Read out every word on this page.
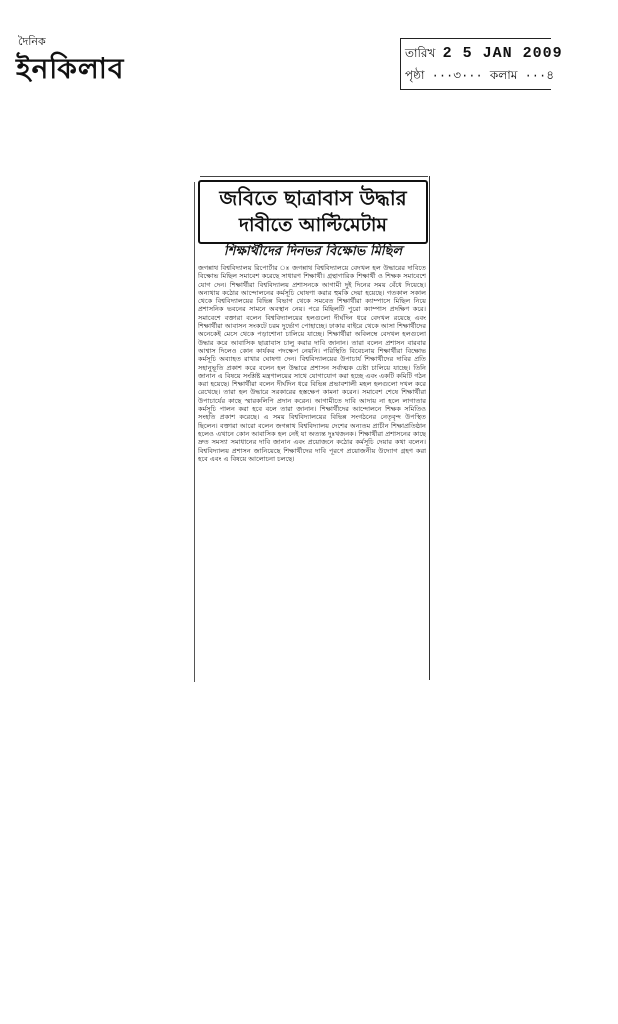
দৈনিক
ইনকিলাব	তারিখ 2 5 JAN 2009
পৃষ্ঠা ···৩··· কলাম ···৪
জবিতে ছাত্রাবাস উদ্ধার
দাবীতে আল্টিমেটাম
শিক্ষার্থীদের দিনভর বিক্ষোভ মিছিল

জগন্নাথ বিশ্ববিদ্যালয় রিপোর্টার ঃ জগন্নাথ বিশ্ববিদ্যালয়ে বেদখল হল উদ্ধারের দাবিতে বিক্ষোভ মিছিল সমাবেশ করেছে সাধারণ শিক্ষার্থী। গ্রন্থাগারিক শিক্ষার্থী ও শিক্ষক সমাবেশে যোগ দেন। শিক্ষার্থীরা বিশ্ববিদ্যালয় প্রশাসনকে আগামী দুই দিনের সময় বেঁধে দিয়েছে। অন্যথায় কঠোর আন্দোলনের কর্মসূচি ঘোষণা করার হুমকি দেয়া হয়েছে। গতকাল সকাল থেকে বিশ্ববিদ্যালয়ের বিভিন্ন বিভাগ থেকে সমবেত শিক্ষার্থীরা ক্যাম্পাসে মিছিল নিয়ে প্রশাসনিক ভবনের সামনে অবস্থান নেয়। পরে মিছিলটি পুরো ক্যাম্পাস প্রদক্ষিণ করে। সমাবেশে বক্তারা বলেন বিশ্ববিদ্যালয়ের হলগুলো দীর্ঘদিন ধরে বেদখল রয়েছে এবং শিক্ষার্থীরা আবাসন সংকটে চরম দুর্ভোগ পোহাচ্ছে। ঢাকার বাইরে থেকে আসা শিক্ষার্থীদের অনেকেই মেসে থেকে পড়াশোনা চালিয়ে যাচ্ছে। শিক্ষার্থীরা অবিলম্বে বেদখল হলগুলো উদ্ধার করে আবাসিক ছাত্রাবাস চালু করার দাবি জানান। তারা বলেন প্রশাসন বারবার আশ্বাস দিলেও কোন কার্যকর পদক্ষেপ নেয়নি। পরিস্থিতি বিবেচনায় শিক্ষার্থীরা বিক্ষোভ কর্মসূচি অব্যাহত রাখার ঘোষণা দেন। বিশ্ববিদ্যালয়ের উপাচার্য শিক্ষার্থীদের দাবির প্রতি সহানুভূতি প্রকাশ করে বলেন হল উদ্ধারে প্রশাসন সর্বাত্মক চেষ্টা চালিয়ে যাচ্ছে। তিনি জানান এ বিষয়ে সংশ্লিষ্ট মন্ত্রণালয়ের সাথে যোগাযোগ করা হচ্ছে এবং একটি কমিটি গঠন করা হয়েছে। শিক্ষার্থীরা বলেন দীর্ঘদিন ধরে বিভিন্ন প্রভাবশালী মহল হলগুলো দখল করে রেখেছে। তারা হল উদ্ধারে সরকারের হস্তক্ষেপ কামনা করেন। সমাবেশ শেষে শিক্ষার্থীরা উপাচার্যের কাছে স্মারকলিপি প্রদান করেন। আগামীতে দাবি আদায় না হলে লাগাতার কর্মসূচি পালন করা হবে বলে তারা জানান। শিক্ষার্থীদের আন্দোলনে শিক্ষক সমিতিও সংহতি প্রকাশ করেছে। এ সময় বিশ্ববিদ্যালয়ের বিভিন্ন সংগঠনের নেতৃবৃন্দ উপস্থিত ছিলেন। বক্তারা আরো বলেন জগন্নাথ বিশ্ববিদ্যালয় দেশের অন্যতম প্রাচীন শিক্ষাপ্রতিষ্ঠান হলেও এখানে কোন আবাসিক হল নেই যা অত্যন্ত দুঃখজনক। শিক্ষার্থীরা প্রশাসনের কাছে দ্রুত সমস্যা সমাধানের দাবি জানান এবং প্রয়োজনে কঠোর কর্মসূচি দেয়ার কথা বলেন। বিশ্ববিদ্যালয় প্রশাসন জানিয়েছে শিক্ষার্থীদের দাবি পূরণে প্রয়োজনীয় উদ্যোগ গ্রহণ করা হবে এবং এ বিষয়ে আলোচনা চলছে।
